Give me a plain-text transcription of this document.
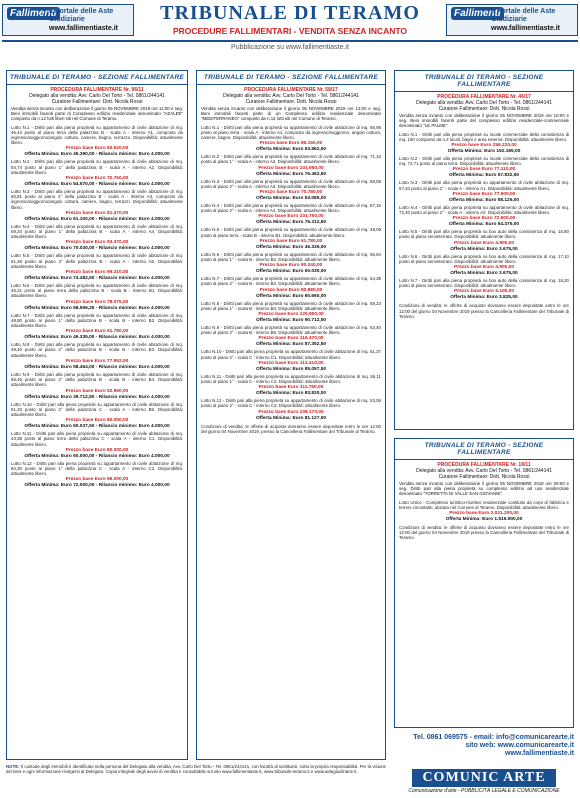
Fallimenti
Il Portale delle Aste Giudiziarie
www.fallimentiaste.it
TRIBUNALE DI TERAMO
PROCEDURE FALLIMENTARI - VENDITA SENZA INCANTO
Fallimenti
Il Portale delle Aste Giudiziarie
www.fallimentiaste.it
Pubblicazione su www.fallimentiaste.it
TRIBUNALE DI TERAMO - SEZIONE FALLIMENTARE
PROCEDURA FALLIMENTARE Nr. 96/11
Delegato alla vendita: Avv. Carlo Del Torto - Tel. 0861/244141
Curatore Fallimentare: Dott. Nicola Rossi
Vendita senza incanto con deliberazione il giorno 05 NOVEMBRE 2019 ore 11:00 e seg. Beni immobili facenti parte di Complesso edilizio residenziale denominato "AZALEE" composto da n.12 lotti liberi siti nel Comune di Teramo.
Lotto N.1 - Diritti pari alla piena proprietà su appartamento di civile abitazione di mq. 46,44 posto al piano terra della palazzina B - scala A - interno A1, composto da ingresso/soggiorno/angolo cottura, camera, bagno, terrazzo. Disponibilità: attualmente libero.
Prezzo base Euro 60.520,00
Offerta Minima: Euro 45.390,00 - Rilancio minimo: Euro 4.000,00
Lotto N.2 - Diritti pari alla piena proprietà su appartamento di civile abitazione di mq. 54,74 posto al piano 1° della palazzina B - scala A - interno A2. Disponibilità: attualmente libero.
Prezzo base Euro 72.760,00
Offerta Minima: Euro 54.570,00 - Rilancio minimo: Euro 4.000,00
Lotto N.3 - Diritti pari alla piena proprietà su appartamento di civile abitazione di mq. 60,81 posto al piano 2° della palazzina B - scala A - interno A3, composto da ingresso/soggiorno/angolo cottura, camere, bagno, terrazzi. Disponibilità: attualmente libero.
Prezzo base Euro 81.470,00
Offerta Minima: Euro 61.100,00 - Rilancio minimo: Euro 4.000,00
Lotto N.4 - Diritti pari alla piena proprietà su appartamento di civile abitazione di mq. 69,34 posto al piano 1° della palazzina B - scala A - interno A4. Disponibilità: attualmente libero.
Prezzo base Euro 93.370,00
Offerta Minima: Euro 70.030,00 - Rilancio minimo: Euro 4.000,00
Lotto N.5 - Diritti pari alla piena proprietà su appartamento di civile abitazione di mq. 61,48 posto al piano 2° della palazzina B - scala A - interno A5. Disponibilità: attualmente libero.
Prezzo base Euro 99.310,00
Offerta Minima: Euro 74.482,50 - Rilancio minimo: Euro 4.000,00
Lotto N.6 - Diritti pari alla piena proprietà su appartamento di civile abitazione di mq. 46,21 posto al piano terra della palazzina B - scala B - interno B1. Disponibilità: attualmente libero.
Prezzo base Euro 78.075,00
Offerta Minima: Euro 58.556,25 - Rilancio minimo: Euro 4.000,00
Lotto N.7 - Diritti pari alla piena proprietà su appartamento di civile abitazione di mq. 48,80 posto al piano 1° della palazzina B - scala B - interno B2. Disponibilità: attualmente libero.
Prezzo base Euro 61.780,00
Offerta Minima: Euro 46.335,00 - Rilancio minimo: Euro 4.000,00
Lotto N.8 - Diritti pari alla piena proprietà su appartamento di civile abitazione di mq. 49,40 posto al piano 2° della palazzina B - scala B - interno B3. Disponibilità: attualmente libero.
Prezzo base Euro 77.952,00
Offerta Minima: Euro 58.464,00 - Rilancio minimo: Euro 4.000,00
Lotto N.9 - Diritti pari alla piena proprietà su appartamento di civile abitazione di mq. 66,45 posto al piano 2° della palazzina B - scala B - interno B4. Disponibilità: attualmente libero.
Prezzo base Euro 52.950,00
Offerta Minima: Euro 39.712,50 - Rilancio minimo: Euro 4.000,00
Lotto N.10 - Diritti pari alla piena proprietà su appartamento di civile abitazione di mq. 61,33 posto al piano 2° della palazzina C - scala A - interno B5. Disponibilità: attualmente libero.
Prezzo base Euro 80.050,00
Offerta Minima: Euro 60.037,50 - Rilancio minimo: Euro 4.000,00
Lotto N.11 - Diritti pari alla piena proprietà su appartamento di civile abitazione di mq. 43,38 posto al piano terra della palazzina C - scala A - interno C1. Disponibilità: attualmente libero.
Prezzo base Euro 80.000,00
Offerta Minima: Euro 60.000,00 - Rilancio minimo: Euro 4.000,00
Lotto N.12 - Diritti pari alla piena proprietà su appartamento di civile abitazione di mq. 60,30 posto al piano 1° della palazzina C - scala A - interno C2. Disponibilità: attualmente libero.
Prezzo base Euro 96.000,00
Offerta Minima: Euro 72.000,00 - Rilancio minimo: Euro 4.000,00
TRIBUNALE DI TERAMO - SEZIONE FALLIMENTARE
PROCEDURA FALLIMENTARE Nr. 58/17
Delegato alla vendita: Avv. Carlo Del Torto - Tel. 0861/244141
Curatore Fallimentare: Dott. Nicola Rossi
Vendita senza incanto con deliberazione il giorno 05 NOVEMBRE 2019 ore 12:00 e seg. Beni immobili facenti parte di un Complesso edilizio residenziale denominato "MEDITERRANEO" composto da n.14 lotti siti nel Comune di Teramo.
Lotto N.1 - Diritti pari alla piena proprietà su appartamento di civile abitazione di mq. 56,98 posto al piano terra - scala A - interno A1, composto da ingresso/soggiorno, angolo cottura, camere, bagno. Disponibilità: attualmente libero.
Prezzo base Euro 85.150,00
Offerta Minima: Euro 63.862,50
Lotto N.2 - Diritti pari alla piena proprietà su appartamento di civile abitazione di mq. 71,16 posto al piano 1° - scala A - interno A2. Disponibilità: attualmente libero.
Prezzo base Euro 101.950,00
Offerta Minima: Euro 76.462,50
Lotto N.3 - Diritti pari alla piena proprietà su appartamento di civile abitazione di mq. 58,08 posto al piano 2° - scala A - interno A3. Disponibilità: attualmente libero.
Prezzo base Euro 70.780,00
Offerta Minima: Euro 53.085,00
Lotto N.4 - Diritti pari alla piena proprietà su appartamento di civile abitazione di mq. 67,16 posto al piano 2° - scala A - interno A4. Disponibilità: attualmente libero.
Prezzo base Euro 101.750,00
Offerta Minima: Euro 76.312,50
Lotto N.5 - Diritti pari alla piena proprietà su appartamento di civile abitazione di mq. 48,09 posto al piano terra - scala B - interno B1. Disponibilità: attualmente libero.
Prezzo base Euro 61.780,00
Offerta Minima: Euro 46.335,00
Lotto N.6 - Diritti pari alla piena proprietà su appartamento di civile abitazione di mq. 55,84 posto al piano 1° - scala B - interno B2. Disponibilità: attualmente libero.
Prezzo base Euro 80.040,00
Offerta Minima: Euro 60.030,00
Lotto N.7 - Diritti pari alla piena proprietà su appartamento di civile abitazione di mq. 54,38 posto al piano 2° - scala B - interno B3. Disponibilità: attualmente libero.
Prezzo base Euro 80.880,00
Offerta Minima: Euro 60.660,00
Lotto N.8 - Diritti pari alla piena proprietà su appartamento di civile abitazione di mq. 58,23 posto al piano 1° - scala B - interno B4. Disponibilità: attualmente libero.
Prezzo base Euro 120.950,00
Offerta Minima: Euro 90.712,50
Lotto N.9 - Diritti pari alla piena proprietà su appartamento di civile abitazione di mq. 63,40 posto al piano 2° - scala B - interno B5. Disponibilità: attualmente libero.
Prezzo base Euro 116.470,00
Offerta Minima: Euro 87.352,50
Lotto N.10 - Diritti pari alla piena proprietà su appartamento di civile abitazione di mq. 61,37 posto al piano 2° - scala C - interno C1. Disponibilità: attualmente libero.
Prezzo base Euro 113.410,00
Offerta Minima: Euro 85.057,50
Lotto N.11 - Diritti pari alla piena proprietà su appartamento di civile abitazione di mq. 55,11 posto al piano 1° - scala C - interno C2. Disponibilità: attualmente libero.
Prezzo base Euro 111.760,00
Offerta Minima: Euro 83.820,00
Lotto N.12 - Diritti pari alla piena proprietà su appartamento di civile abitazione di mq. 53,06 posto al piano 2° - scala C - interno C3. Disponibilità: attualmente libero.
Prezzo base Euro 108.170,00
Offerta Minima: Euro 81.127,50
Condizioni di vendita: le offerte di acquisto dovranno essere depositate entro le ore 12:00 del giorno 04 Novembre 2019, presso la Cancelleria Fallimentare del Tribunale di Teramo.
TRIBUNALE DI TERAMO - SEZIONE FALLIMENTARE
PROCEDURA FALLIMENTARE Nr. 46/17
Delegato alla vendita: Avv. Carlo Del Torto - Tel. 0861/244141
Curatore Fallimentare: Dott. Nicola Rossi
Vendita senza incanto con deliberazione il giorno 05 NOVEMBRE 2019 ore 10:00 e seg. Beni immobili facenti parte del complesso edilizio residenziale-commerciale denominato "LE PALME".
Lotto N.1 - Diritti pari alla piena proprietà su locale commerciale della consistenza di mq. 160 composto da n.2 locali, bagni e area esterna. Disponibilità: attualmente libero.
Prezzo base Euro 256.220,00
Offerta Minima: Euro 192.165,00
Lotto N.2 - Diritti pari alla piena proprietà su locale commerciale della consistenza di mq. 72,71 posto al piano terra. Disponibilità: attualmente libero.
Prezzo base Euro 77.110,00
Offerta Minima: Euro 57.832,50
Lotto N.3 - Diritti pari alla piena proprietà su appartamento di civile abitazione di mq. 67,40 posto al piano 1° - scala A - interno A1. Disponibilità: attualmente libero.
Prezzo base Euro 77.500,00
Offerta Minima: Euro 58.125,00
Lotto N.4 - Diritti pari alla piena proprietà su appartamento di civile abitazione di mq. 72,40 posto al piano 2° - scala A - interno A2. Disponibilità: attualmente libero.
Prezzo base Euro 72.500,00
Offerta Minima: Euro 54.375,00
Lotto N.5 - Diritti pari alla piena proprietà su box auto della consistenza di mq. 16,80 posto al piano seminterrato. Disponibilità: attualmente libero.
Prezzo base Euro 4.900,00
Offerta Minima: Euro 3.675,00
Lotto N.6 - Diritti pari alla piena proprietà su box auto della consistenza di mq. 17,10 posto al piano seminterrato. Disponibilità: attualmente libero.
Prezzo base Euro 4.900,00
Offerta Minima: Euro 3.675,00
Lotto N.7 - Diritti pari alla piena proprietà su box auto della consistenza di mq. 18,20 posto al piano seminterrato. Disponibilità: attualmente libero.
Prezzo base Euro 5.100,00
Offerta Minima: Euro 3.825,00
Condizioni di vendita: le offerte di acquisto dovranno essere depositate entro le ore 12:00 del giorno 04 Novembre 2019 presso la Cancelleria Fallimentare del Tribunale di Teramo.
TRIBUNALE DI TERAMO - SEZIONE FALLIMENTARE
PROCEDURA FALLIMENTARE Nr. 18/11
Delegato alla vendita: Avv. Carlo Del Torto - Tel. 0861/244141
Curatore Fallimentare: Dott. Nicola Rossi
Vendita senza incanto con deliberazione il giorno 05 NOVEMBRE 2019 ore 09:00 e seg. Diritti pari alla piena proprietà su complesso edilizio ad uso residenziale denominato "TORRETTA DI VALLE SAN GIOVANNI".
Lotto Unico - Complesso turistico-ricettivo residenziale costituito da corpi di fabbrica e terreni circostanti, ubicato nel Comune di Teramo. Disponibilità: attualmente libero.
Prezzo base Euro 2.021.200,00
Offerta Minima: Euro 1.515.900,00
Condizioni di vendita: le offerte di acquisto dovranno essere depositate entro le ore 12:00 del giorno 04 Novembre 2019 presso la Cancelleria Fallimentare del Tribunale di Teramo.
NOTE: Il custode degli immobili è identificato nella persona del Delegato alla vendita, Avv. Carlo Del Torto - Tel. 0861/244141, con facoltà di sostituirsi, sotto la propria responsabilità. Per la visione dei beni e ogni informazione rivolgersi al Delegato. Copia integrale degli avvisi di vendita è consultabile sul sito www.fallimentiaste.it, www.tribunale.teramo.it e www.astegiudiziarie.it.
Tel. 0861 069575 - email: info@comunicarearte.it
sito web: www.comunicarearte.it
www.fallimentiaste.it
COMUNIC ARTE
Comunicazione d'arte - PUBBLICITÀ LEGALE E COMUNICAZIONE
